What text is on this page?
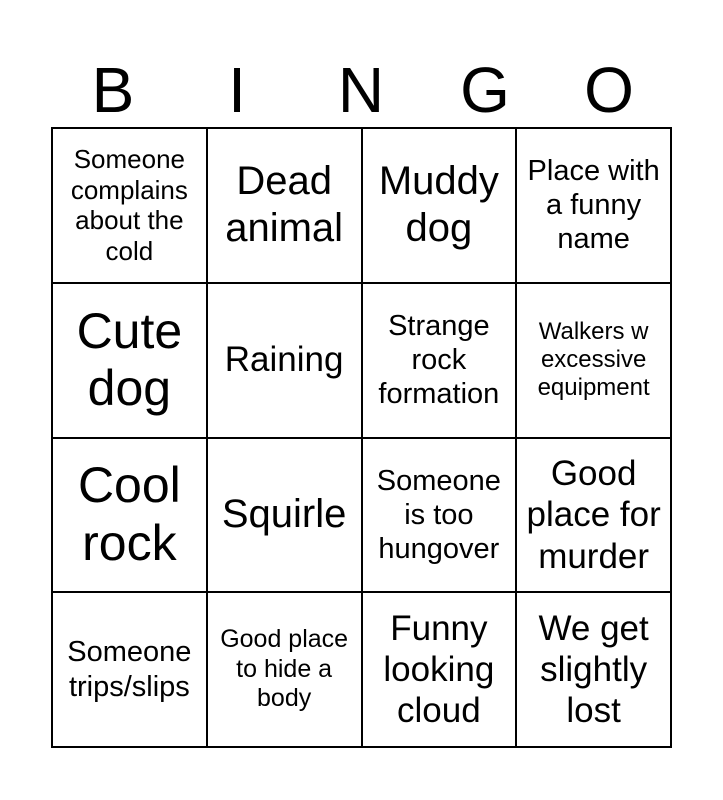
B	I	N	G	O
Someone complains about the cold
Dead animal
Muddy dog
Place with a funny name
Cute dog
Raining
Strange rock formation
Walkers w excessive equipment
Cool rock
Squirle
Someone is too hungover
Good place for murder
Someone trips/slips
Good place to hide a body
Funny looking cloud
We get slightly lost
